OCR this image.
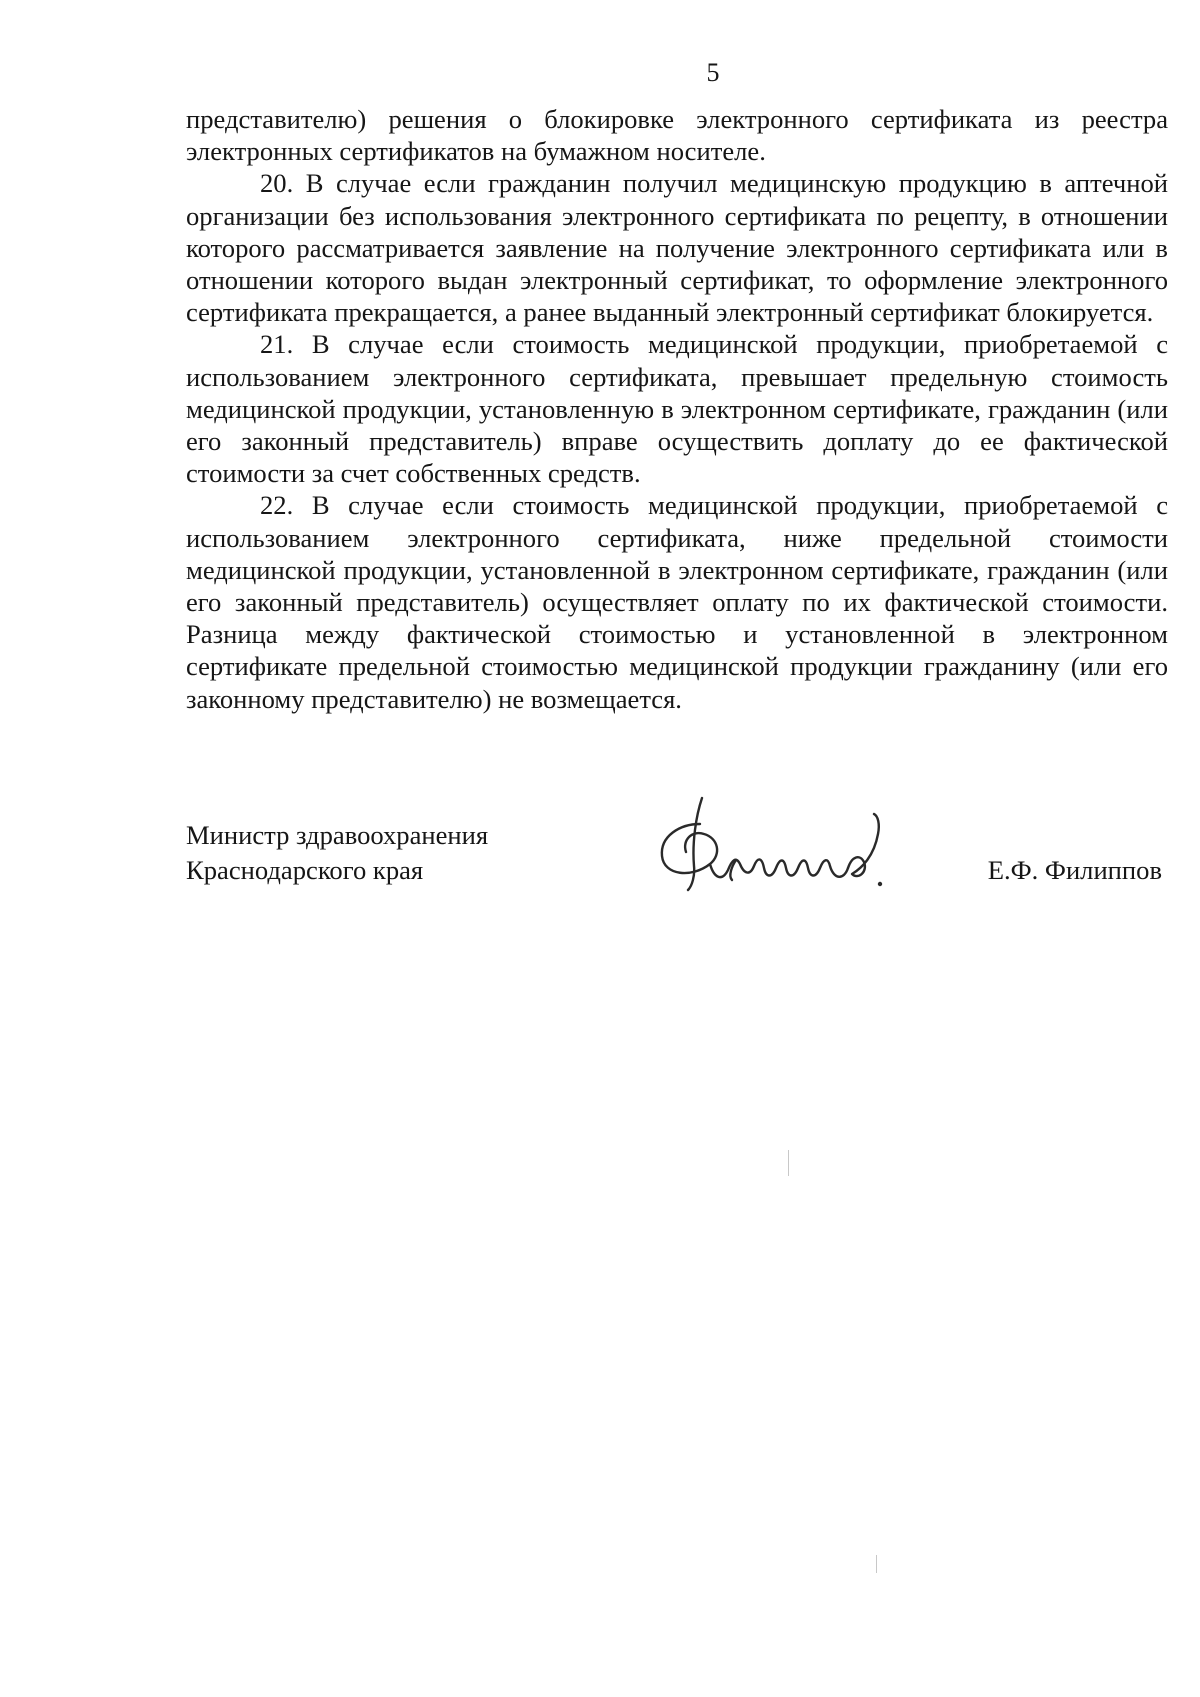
5

представителю) решения о блокировке электронного сертификата из реестра электронных сертификатов на бумажном носителе.

20. В случае если гражданин получил медицинскую продукцию в аптечной организации без использования электронного сертификата по рецепту, в отношении которого рассматривается заявление на получение электронного сертификата или в отношении которого выдан электронный сертификат, то оформление электронного сертификата прекращается, а ранее выданный электронный сертификат блокируется.

21. В случае если стоимость медицинской продукции, приобретаемой с использованием электронного сертификата, превышает предельную стоимость медицинской продукции, установленную в электронном сертификате, гражданин (или его законный представитель) вправе осуществить доплату до ее фактической стоимости за счет собственных средств.

22. В случае если стоимость медицинской продукции, приобретаемой с использованием электронного сертификата, ниже предельной стоимости медицинской продукции, установленной в электронном сертификате, гражданин (или его законный представитель) осуществляет оплату по их фактической стоимости. Разница между фактической стоимостью и установленной в электронном сертификате предельной стоимостью медицинской продукции гражданину (или его законному представителю) не возмещается.

Министр здравоохранения
Краснодарского края	Е.Ф. Филиппов
